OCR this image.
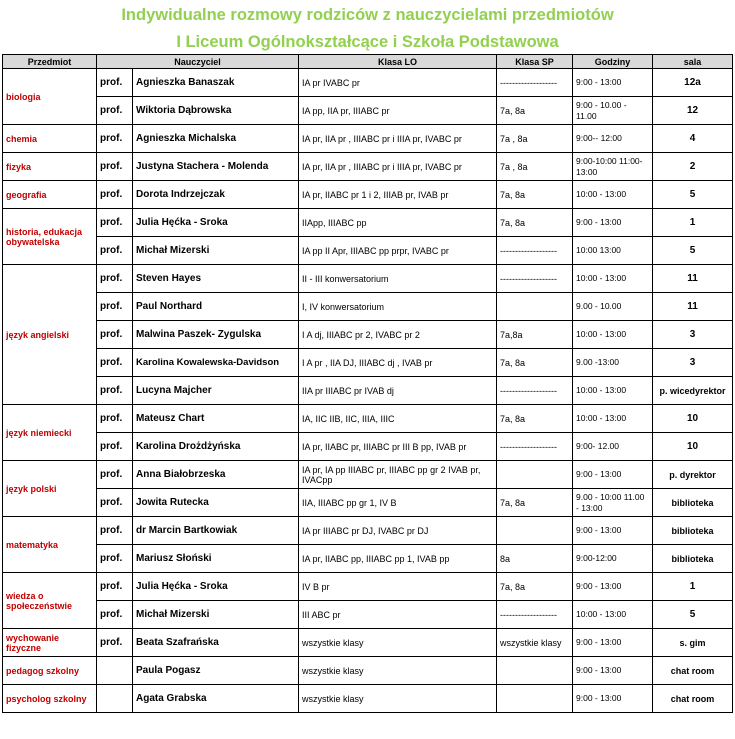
Indywidualne rozmowy rodziców z nauczycielami przedmiotów
I Liceum Ogólnokształcące i Szkoła Podstawowa
Przedmiot	Nauczyciel		Klasa LO	Klasa SP	Godziny	sala
biologia	prof.	Agnieszka Banaszak	IA pr IVABC pr	-------------------	9:00 - 13:00	12a
	prof.	Wiktoria Dąbrowska	IA pp, IIA pr, IIIABC pr	7a, 8a	9:00 - 10.00 - 11.00	12
chemia	prof.	Agnieszka Michalska	IA pr, IIA pr , IIIABC pr i IIIA pr, IVABC pr	7a , 8a	9:00-- 12:00	4
fizyka	prof.	Justyna Stachera - Molenda	IA pr, IIA pr , IIIABC pr i IIIA pr, IVABC pr	7a , 8a	9:00-10:00 11:00-13:00	2
geografia	prof.	Dorota Indrzejczak	IA pr, IIABC pr 1 i 2, IIIAB pr, IVAB pr	7a, 8a	10:00 - 13:00	5
historia, edukacja obywatelska	prof.	Julia Hęćka - Sroka	IIApp, IIIABC pp	7a, 8a	9:00 - 13:00	1
	prof.	Michał Mizerski	IA pp II Apr, IIIABC pp prpr, IVABC pr	-------------------	10:00 13:00	5
język angielski	prof.	Steven Hayes	II - III konwersatorium	-------------------	10:00 - 13:00	11
	prof.	Paul Northard	I, IV konwersatorium		9.00 - 10.00	11
	prof.	Malwina Paszek- Zygulska	I A dj, IIIABC pr 2, IVABC pr 2	7a,8a	10:00 - 13:00	3
	prof.	Karolina Kowalewska-Davidson	I A pr , IIA DJ, IIIABC dj , IVAB pr	7a, 8a	9.00 -13:00	3
	prof.	Lucyna Majcher	IIA pr IIIABC pr IVAB dj	-------------------	10:00 - 13:00	p. wicedyrektor
język niemiecki	prof.	Mateusz Chart	IA, IIC IIB, IIC, IIIA, IIIC	7a, 8a	10:00 - 13:00	10
	prof.	Karolina Drożdżyńska	IA pr, IIABC pr, IIIABC pr III B pp, IVAB pr	-------------------	9:00- 12.00	10
język polski	prof.	Anna Białobrzeska	IA pr, IA pp IIIABC pr, IIIABC pp gr 2 IVAB pr, IVACpp		9:00 - 13:00	p. dyrektor
	prof.	Jowita Rutecka	IIA, IIIABC pp gr 1, IV B	7a, 8a	9.00 - 10:00 11.00 - 13:00	biblioteka
matematyka	prof.	dr Marcin Bartkowiak	IA pr IIIABC pr DJ, IVABC pr DJ		9:00 - 13:00	biblioteka
	prof.	Mariusz Słoński	IA pr, IIABC pp, IIIABC pp 1, IVAB pp	8a	9:00-12:00	biblioteka
wiedza o społeczeństwie	prof.	Julia Hęćka - Sroka	IV B pr	7a, 8a	9:00 - 13:00	1
	prof.	Michał Mizerski	III ABC pr	-------------------	10:00 - 13:00	5
wychowanie fizyczne	prof.	Beata Szafrańska	wszystkie klasy	wszystkie klasy	9:00 - 13:00	s. gim
pedagog szkolny		Paula Pogasz	wszystkie klasy		9:00 - 13:00	chat room
psycholog szkolny		Agata Grabska	wszystkie klasy		9:00 - 13:00	chat room
